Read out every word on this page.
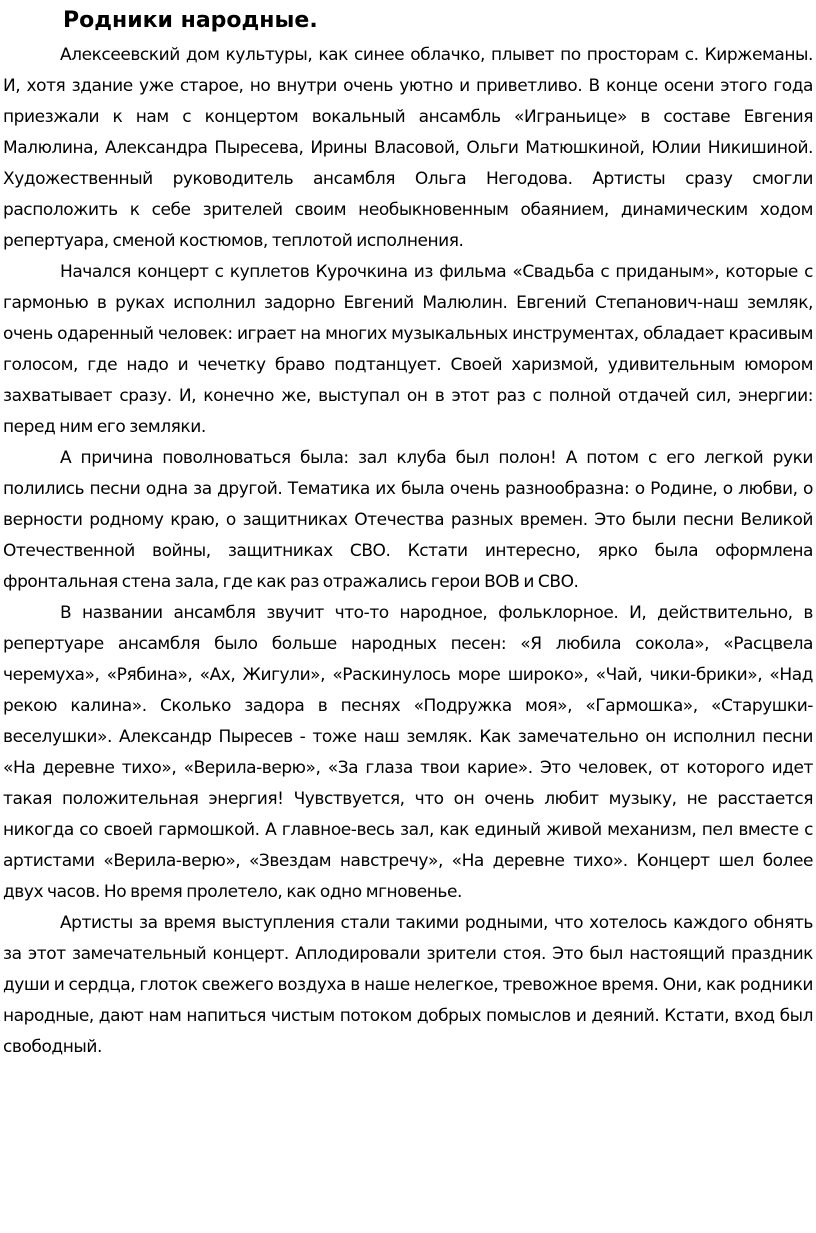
Родники народные.

Алексеевский дом культуры, как синее облачко, плывет по просторам с. Киржеманы. И, хотя здание уже старое, но внутри очень уютно и приветливо. В конце осени этого года приезжали к нам с концертом вокальный ансамбль «Играньице» в составе Евгения Малюлина, Александра Пыресева, Ирины Власовой, Ольги Матюшкиной, Юлии Никишиной. Художественный руководитель ансамбля Ольга Негодова. Артисты сразу смогли расположить к себе зрителей своим необыкновенным обаянием, динамическим ходом репертуара, сменой костюмов, теплотой исполнения.

Начался концерт с куплетов Курочкина из фильма «Свадьба с приданым», которые с гармонью в руках исполнил задорно Евгений Малюлин. Евгений Степанович-наш земляк, очень одаренный человек: играет на многих музыкальных инструментах, обладает красивым голосом, где надо и чечетку браво подтанцует. Своей харизмой, удивительным юмором захватывает сразу. И, конечно же, выступал он в этот раз с полной отдачей сил, энергии: перед ним его земляки.

А причина поволноваться была: зал клуба был полон! А потом с его легкой руки полились песни одна за другой. Тематика их была очень разнообразна: о Родине, о любви, о верности родному краю, о защитниках Отечества разных времен. Это были песни Великой Отечественной войны, защитниках СВО. Кстати интересно, ярко была оформлена фронтальная стена зала, где как раз отражались герои ВОВ и СВО.

В названии ансамбля звучит что-то народное, фольклорное. И, действительно, в репертуаре ансамбля было больше народных песен: «Я любила сокола», «Расцвела черемуха», «Рябина», «Ах, Жигули», «Раскинулось море широко», «Чай, чики-брики», «Над рекою калина». Сколько задора в песнях «Подружка моя», «Гармошка», «Старушки-веселушки». Александр Пыресев - тоже наш земляк. Как замечательно он исполнил песни «На деревне тихо», «Верила-верю», «За глаза твои карие». Это человек, от которого идет такая положительная энергия! Чувствуется, что он очень любит музыку, не расстается никогда со своей гармошкой. А главное-весь зал, как единый живой механизм, пел вместе с артистами «Верила-верю», «Звездам навстречу», «На деревне тихо». Концерт шел более двух часов. Но время пролетело, как одно мгновенье.

Артисты за время выступления стали такими родными, что хотелось каждого обнять за этот замечательный концерт. Аплодировали зрители стоя. Это был настоящий праздник души и сердца, глоток свежего воздуха в наше нелегкое, тревожное время. Они, как родники народные, дают нам напиться чистым потоком добрых помыслов и деяний. Кстати, вход был свободный.
